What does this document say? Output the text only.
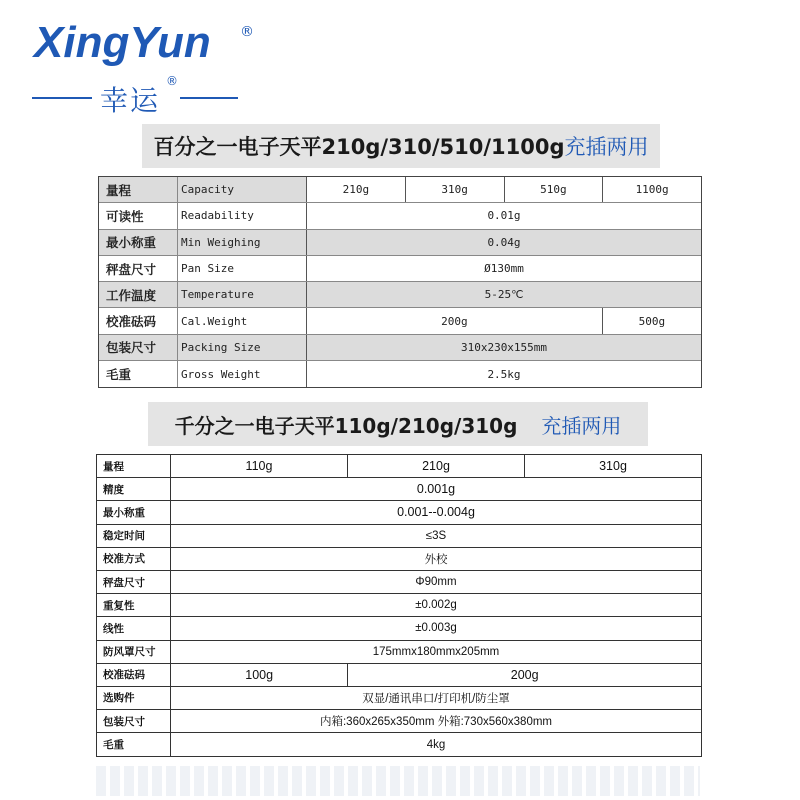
XingYun ®
幸运
®
百分之一电子天平210g/310/510/1100g 充插两用
量程	Capacity	210g	310g	510g	1100g
可读性	Readability	0.01g
最小称重	Min Weighing	0.04g
秤盘尺寸	Pan Size	Ø130mm
工作温度	Temperature	5-25℃
校准砝码	Cal.Weight	200g	500g
包装尺寸	Packing Size	310x230x155mm
毛重	Gross Weight	2.5kg
千分之一电子天平110g/210g/310g 充插两用
量程	110g	210g	310g
精度	0.001g
最小称重	0.001--0.004g
稳定时间	≤3S
校准方式	外校
秤盘尺寸	Φ90mm
重复性	±0.002g
线性	±0.003g
防风罩尺寸	175mmx180mmx205mm
校准砝码	100g	200g
选购件	双显/通讯串口/打印机/防尘罩
包装尺寸	内箱:360x265x350mm 外箱:730x560x380mm
毛重	4kg
